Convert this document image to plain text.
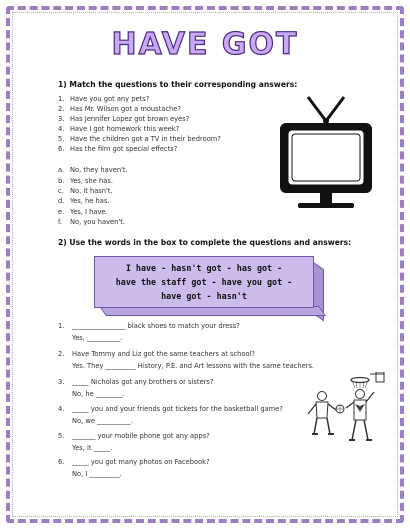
HAVE GOT
1) Match the questions to their corresponding answers:
1. Have you got any pets?
2. Has Mr. Wilson got a moustache?
3. Has Jennifer Lopez got brown eyes?
4. Have I got homework this week?
5. Have the children got a TV in their bedroom?
6. Has the film got special effects?
a. No, they haven't.
b. Yes, she has.
c. No, it hasn't.
d. Yes, he has.
e. Yes, I have.
f. No, you haven't.
2) Use the words in the box to complete the questions and answers:
I have - hasn't got - has got -
have the staff got - have you got -
have got - hasn't
1. ________________ black shoes to match your dress?
Yes, __________.
2. Have Tommy and Liz got the same teachers at school?
Yes. They _________ History, P.E. and Art lessons with the same teachers.
3. _____ Nicholas got any brothers or sisters?
No, he ________.
4. _____ you and your friends got tickets for the basketball game?
No, we __________.
5. _______ your mobile phone got any apps?
Yes, it _____.
6. _____ you got many photos on Facebook?
No, I _________.
